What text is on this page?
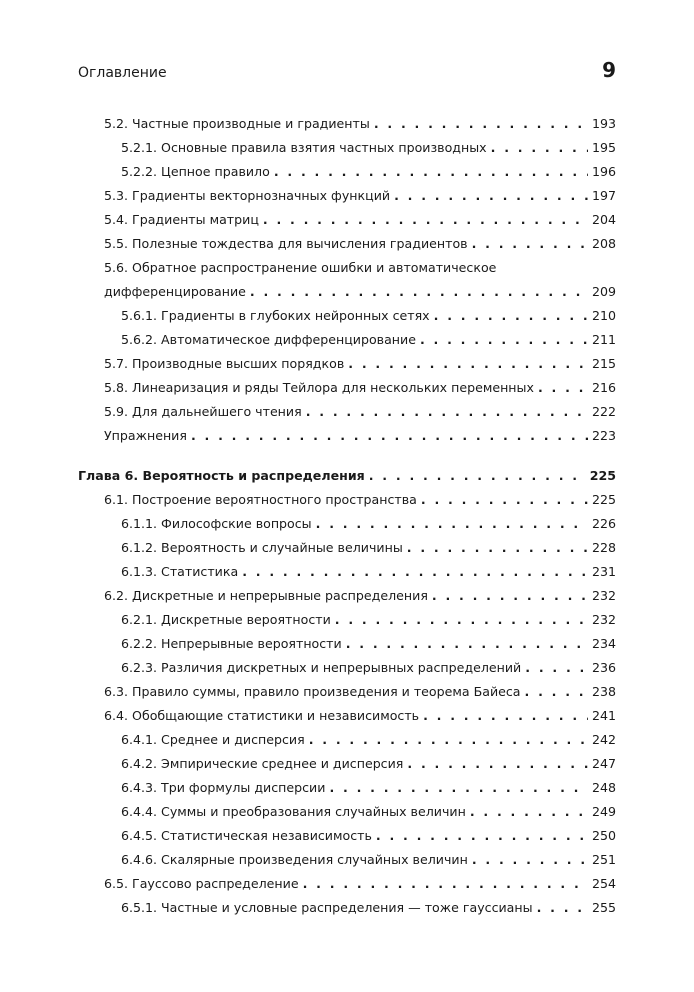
Оглавление	9
5.2. Частные производные и градиенты . . .	193
5.2.1. Основные правила взятия частных производных . . .	195
5.2.2. Цепное правило . . .	196
5.3. Градиенты векторнозначных функций . . .	197
5.4. Градиенты матриц . . .	204
5.5. Полезные тождества для вычисления градиентов . . .	208
5.6. Обратное распространение ошибки и автоматическое
дифференцирование . . .	209
5.6.1. Градиенты в глубоких нейронных сетях . . .	210
5.6.2. Автоматическое дифференцирование . . .	211
5.7. Производные высших порядков . . .	215
5.8. Линеаризация и ряды Тейлора для нескольких переменных . . .	216
5.9. Для дальнейшего чтения . . .	222
Упражнения . . .	223
Глава 6. Вероятность и распределения . . .	225
6.1. Построение вероятностного пространства . . .	225
6.1.1. Философские вопросы . . .	226
6.1.2. Вероятность и случайные величины . . .	228
6.1.3. Статистика . . .	231
6.2. Дискретные и непрерывные распределения . . .	232
6.2.1. Дискретные вероятности . . .	232
6.2.2. Непрерывные вероятности . . .	234
6.2.3. Различия дискретных и непрерывных распределений . . .	236
6.3. Правило суммы, правило произведения и теорема Байеса . . .	238
6.4. Обобщающие статистики и независимость . . .	241
6.4.1. Среднее и дисперсия . . .	242
6.4.2. Эмпирические среднее и дисперсия . . .	247
6.4.3. Три формулы дисперсии . . .	248
6.4.4. Суммы и преобразования случайных величин . . .	249
6.4.5. Статистическая независимость . . .	250
6.4.6. Скалярные произведения случайных величин . . .	251
6.5. Гауссово распределение . . .	254
6.5.1. Частные и условные распределения — тоже гауссианы . . .	255
